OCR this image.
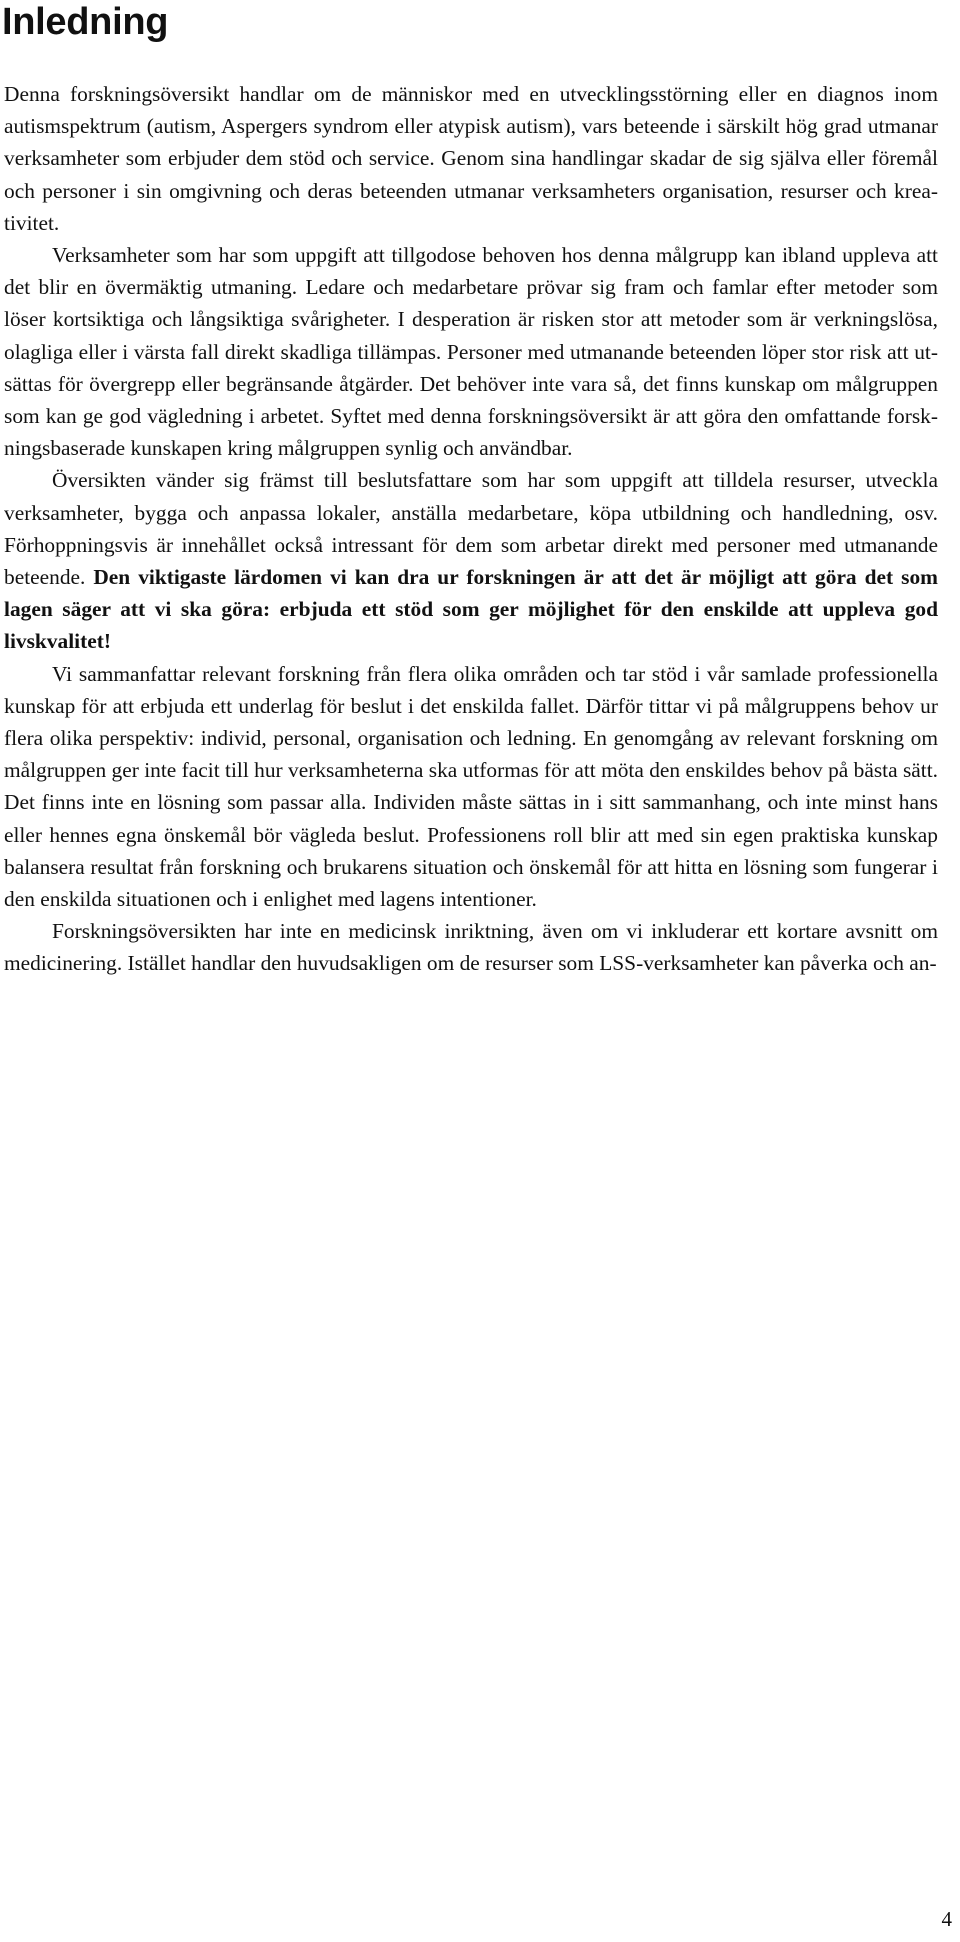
Inledning

Denna forskningsöversikt handlar om de människor med en utvecklingsstörning eller en diagnos inom autismspektrum (autism, Aspergers syndrom eller atypisk autism), vars beteende i särskilt hög grad utmanar verksamheter som erbjuder dem stöd och service. Genom sina handlingar skadar de sig själva eller föremål och personer i sin omgivning och deras beteenden utmanar verksamheters organisation, resurser och kreativitet.

Verksamheter som har som uppgift att tillgodose behoven hos denna målgrupp kan ibland uppleva att det blir en övermäktig utmaning. Ledare och medarbetare prövar sig fram och famlar efter metoder som löser kortsiktiga och långsiktiga svårigheter. I desperation är risken stor att metoder som är verkningslösa, olagliga eller i värsta fall direkt skadliga tillämpas. Personer med utmanande beteenden löper stor risk att utsättas för övergrepp eller begränsande åtgärder. Det behöver inte vara så, det finns kunskap om målgruppen som kan ge god vägledning i arbetet. Syftet med denna forskningsöversikt är att göra den omfattande forskningsbaserade kunskapen kring målgruppen synlig och användbar.

Översikten vänder sig främst till beslutsfattare som har som uppgift att tilldela resurser, utveckla verksamheter, bygga och anpassa lokaler, anställa medarbetare, köpa utbildning och handledning, osv. Förhoppningsvis är innehållet också intressant för dem som arbetar direkt med personer med utmanande beteende. Den viktigaste lärdomen vi kan dra ur forskningen är att det är möjligt att göra det som lagen säger att vi ska göra: erbjuda ett stöd som ger möjlighet för den enskilde att uppleva god livskvalitet!

Vi sammanfattar relevant forskning från flera olika områden och tar stöd i vår samlade professionella kunskap för att erbjuda ett underlag för beslut i det enskilda fallet. Därför tittar vi på målgruppens behov ur flera olika perspektiv: individ, personal, organisation och ledning. En genomgång av relevant forskning om målgruppen ger inte facit till hur verksamheterna ska utformas för att möta den enskildes behov på bästa sätt. Det finns inte en lösning som passar alla. Individen måste sättas in i sitt sammanhang, och inte minst hans eller hennes egna önskemål bör vägleda beslut. Professionens roll blir att med sin egen praktiska kunskap balansera resultat från forskning och brukarens situation och önskemål för att hitta en lösning som fungerar i den enskilda situationen och i enlighet med lagens intentioner.

Forskningsöversikten har inte en medicinsk inriktning, även om vi inkluderar ett kortare avsnitt om medicinering. Istället handlar den huvudsakligen om de resurser som LSS-verksamheter kan påverka och an-

4
